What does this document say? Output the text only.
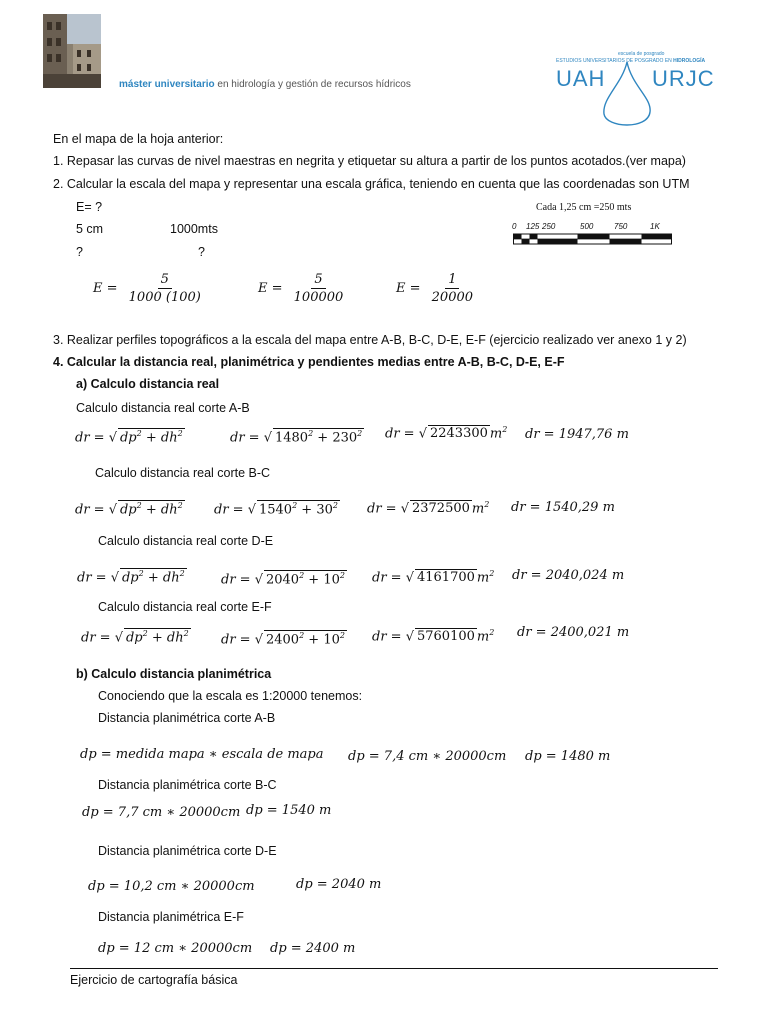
máster universitario en hidrología y gestión de recursos hídricos
escuela de posgrado
ESTUDIOS UNIVERSITARIOS DE POSGRADO EN HIDROLOGÍA
UAH URJC
En el mapa de la hoja anterior:
1. Repasar las curvas de nivel maestras en negrita y etiquetar su altura a partir de los puntos acotados.(ver mapa)
2. Calcular la escala del mapa y representar una escala gráfica, teniendo en cuenta que las coordenadas son UTM
E= ?
5 cm	1000mts
?	?
Cada 1,25 cm =250 mts
0 125 250	500	750	1K
$E = \frac{5}{1000 (100)}$	$E = \frac{5}{100000}$	$E = \frac{1}{20000}$
3. Realizar perfiles topográficos a la escala del mapa entre A-B, B-C, D-E, E-F (ejercicio realizado ver anexo 1 y 2)
4. Calcular la distancia real, planimétrica y pendientes medias entre A-B, B-C, D-E, E-F
a) Calculo distancia real
Calculo distancia real corte A-B
dr = √ $dp^2 + dh^2$	dr = √ $1480^2 + 230^2$ dr = √ 2243300 $m^2$ dr = 1947,76 m
Calculo distancia real corte B-C
dr = √ $dp^2 + dh^2$ dr = √ $1540^2 + 30^2$ dr = √ 2372500 $m^2$ dr = 1540,29 m
Calculo distancia real corte D-E
dr = √ $dp^2 + dh^2$	dr = √ $2040^2 + 10^2$ dr = √ 4161700 $m^2$ dr = 2040,024 m
Calculo distancia real corte E-F
dr = √ $dp^2 + dh^2$ dr = √ $2400^2 + 10^2$ dr = √ 5760100 $m^2$ dr = 2400,021 m
b) Calculo distancia planimétrica
Conociendo que la escala es 1:20000 tenemos:
Distancia planimétrica corte A-B
dp = medida mapa ∗ escala de mapa dp = 7,4 cm ∗ 20000cm dp = 1480 m
Distancia planimétrica corte B-C
dp = 7,7 cm ∗ 20000cm dp = 1540 m
Distancia planimétrica corte D-E
dp = 10,2 cm ∗ 20000cm	dp = 2040 m
Distancia planimétrica E-F
dp = 12 cm ∗ 20000cm dp = 2400 m
Ejercicio de cartografía básica
